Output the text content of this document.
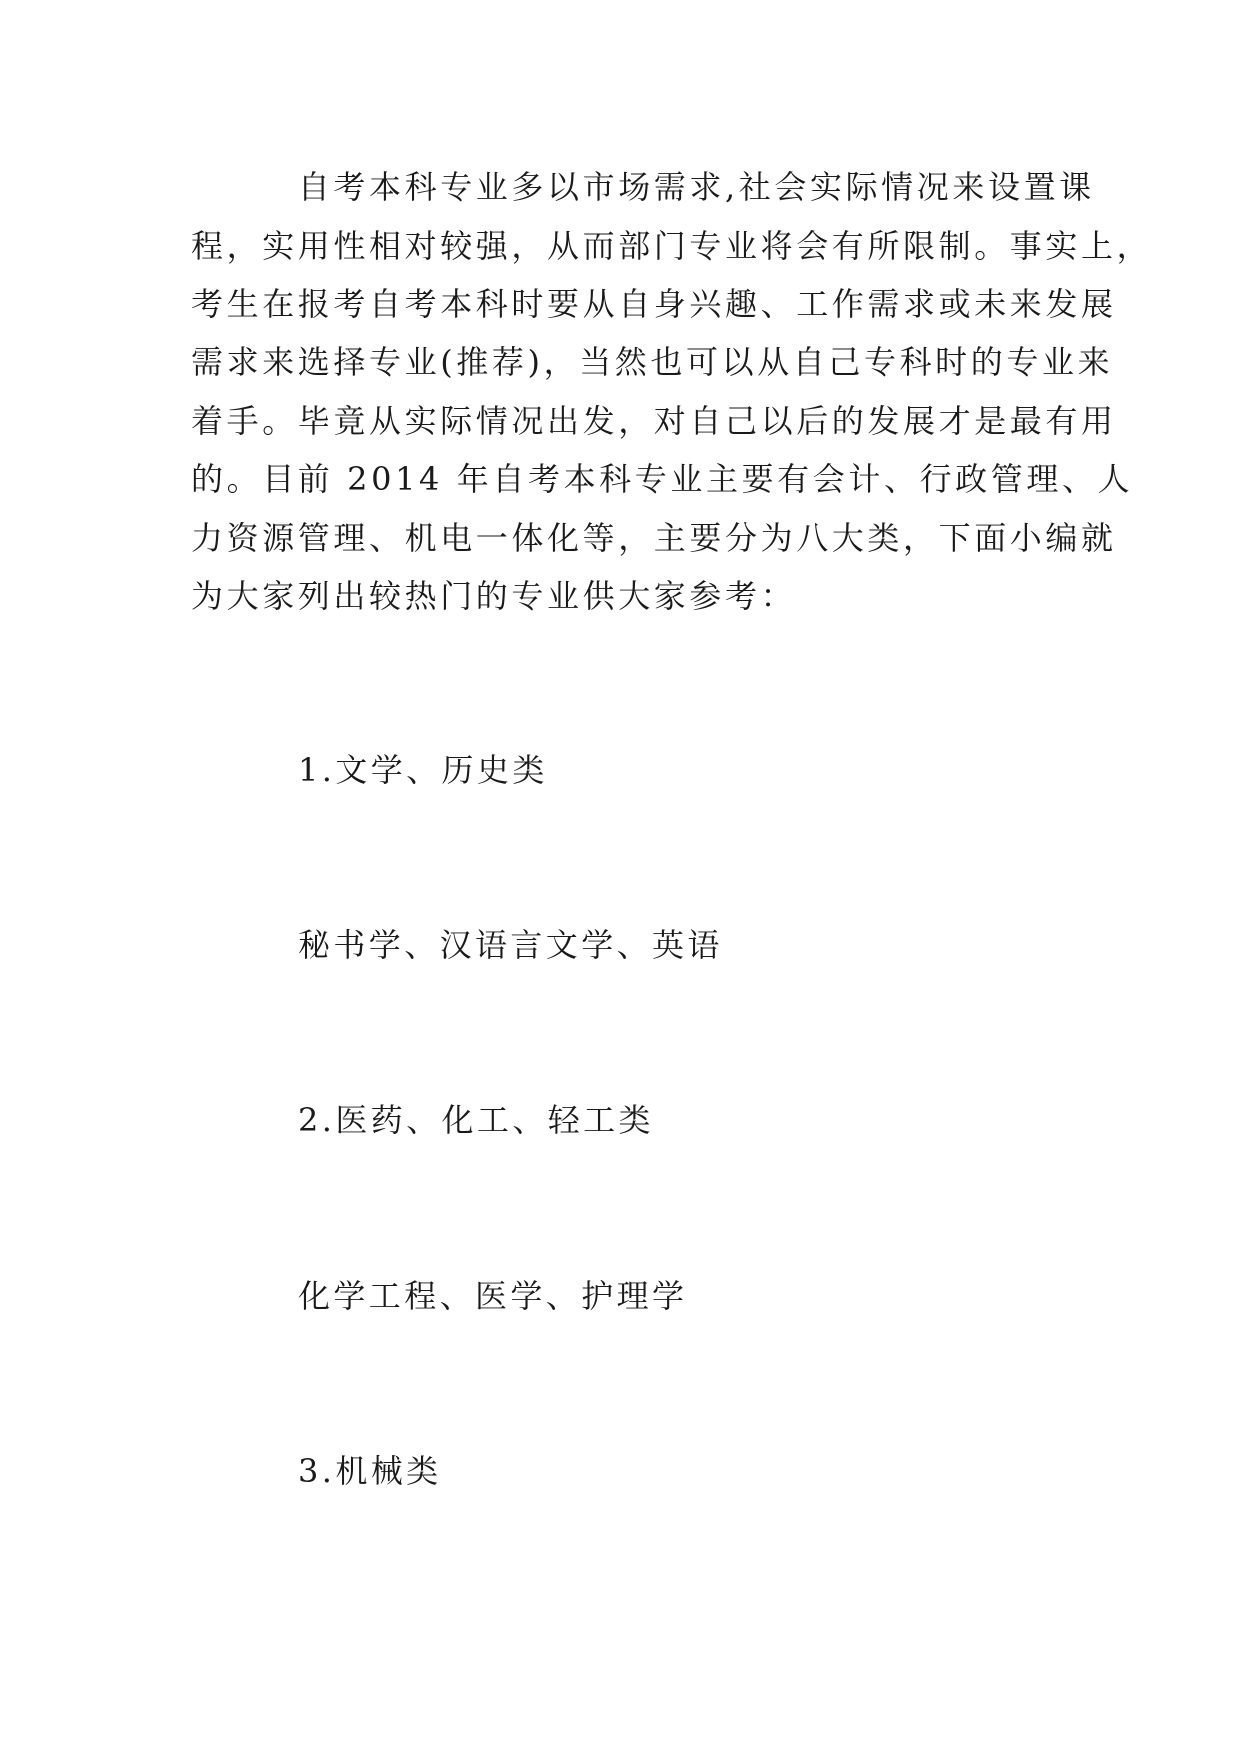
　　　自考本科专业多以市场需求,社会实际情况来设置课
程，实用性相对较强，从而部门专业将会有所限制。事实上，
考生在报考自考本科时要从自身兴趣、工作需求或未来发展
需求来选择专业(推荐)，当然也可以从自己专科时的专业来
着手。毕竟从实际情况出发，对自己以后的发展才是最有用
的。目前 2014 年自考本科专业主要有会计、行政管理、人
力资源管理、机电一体化等，主要分为八大类，下面小编就
为大家列出较热门的专业供大家参考：
1.文学、历史类
秘书学、汉语言文学、英语
2.医药、化工、轻工类
化学工程、医学、护理学
3.机械类
